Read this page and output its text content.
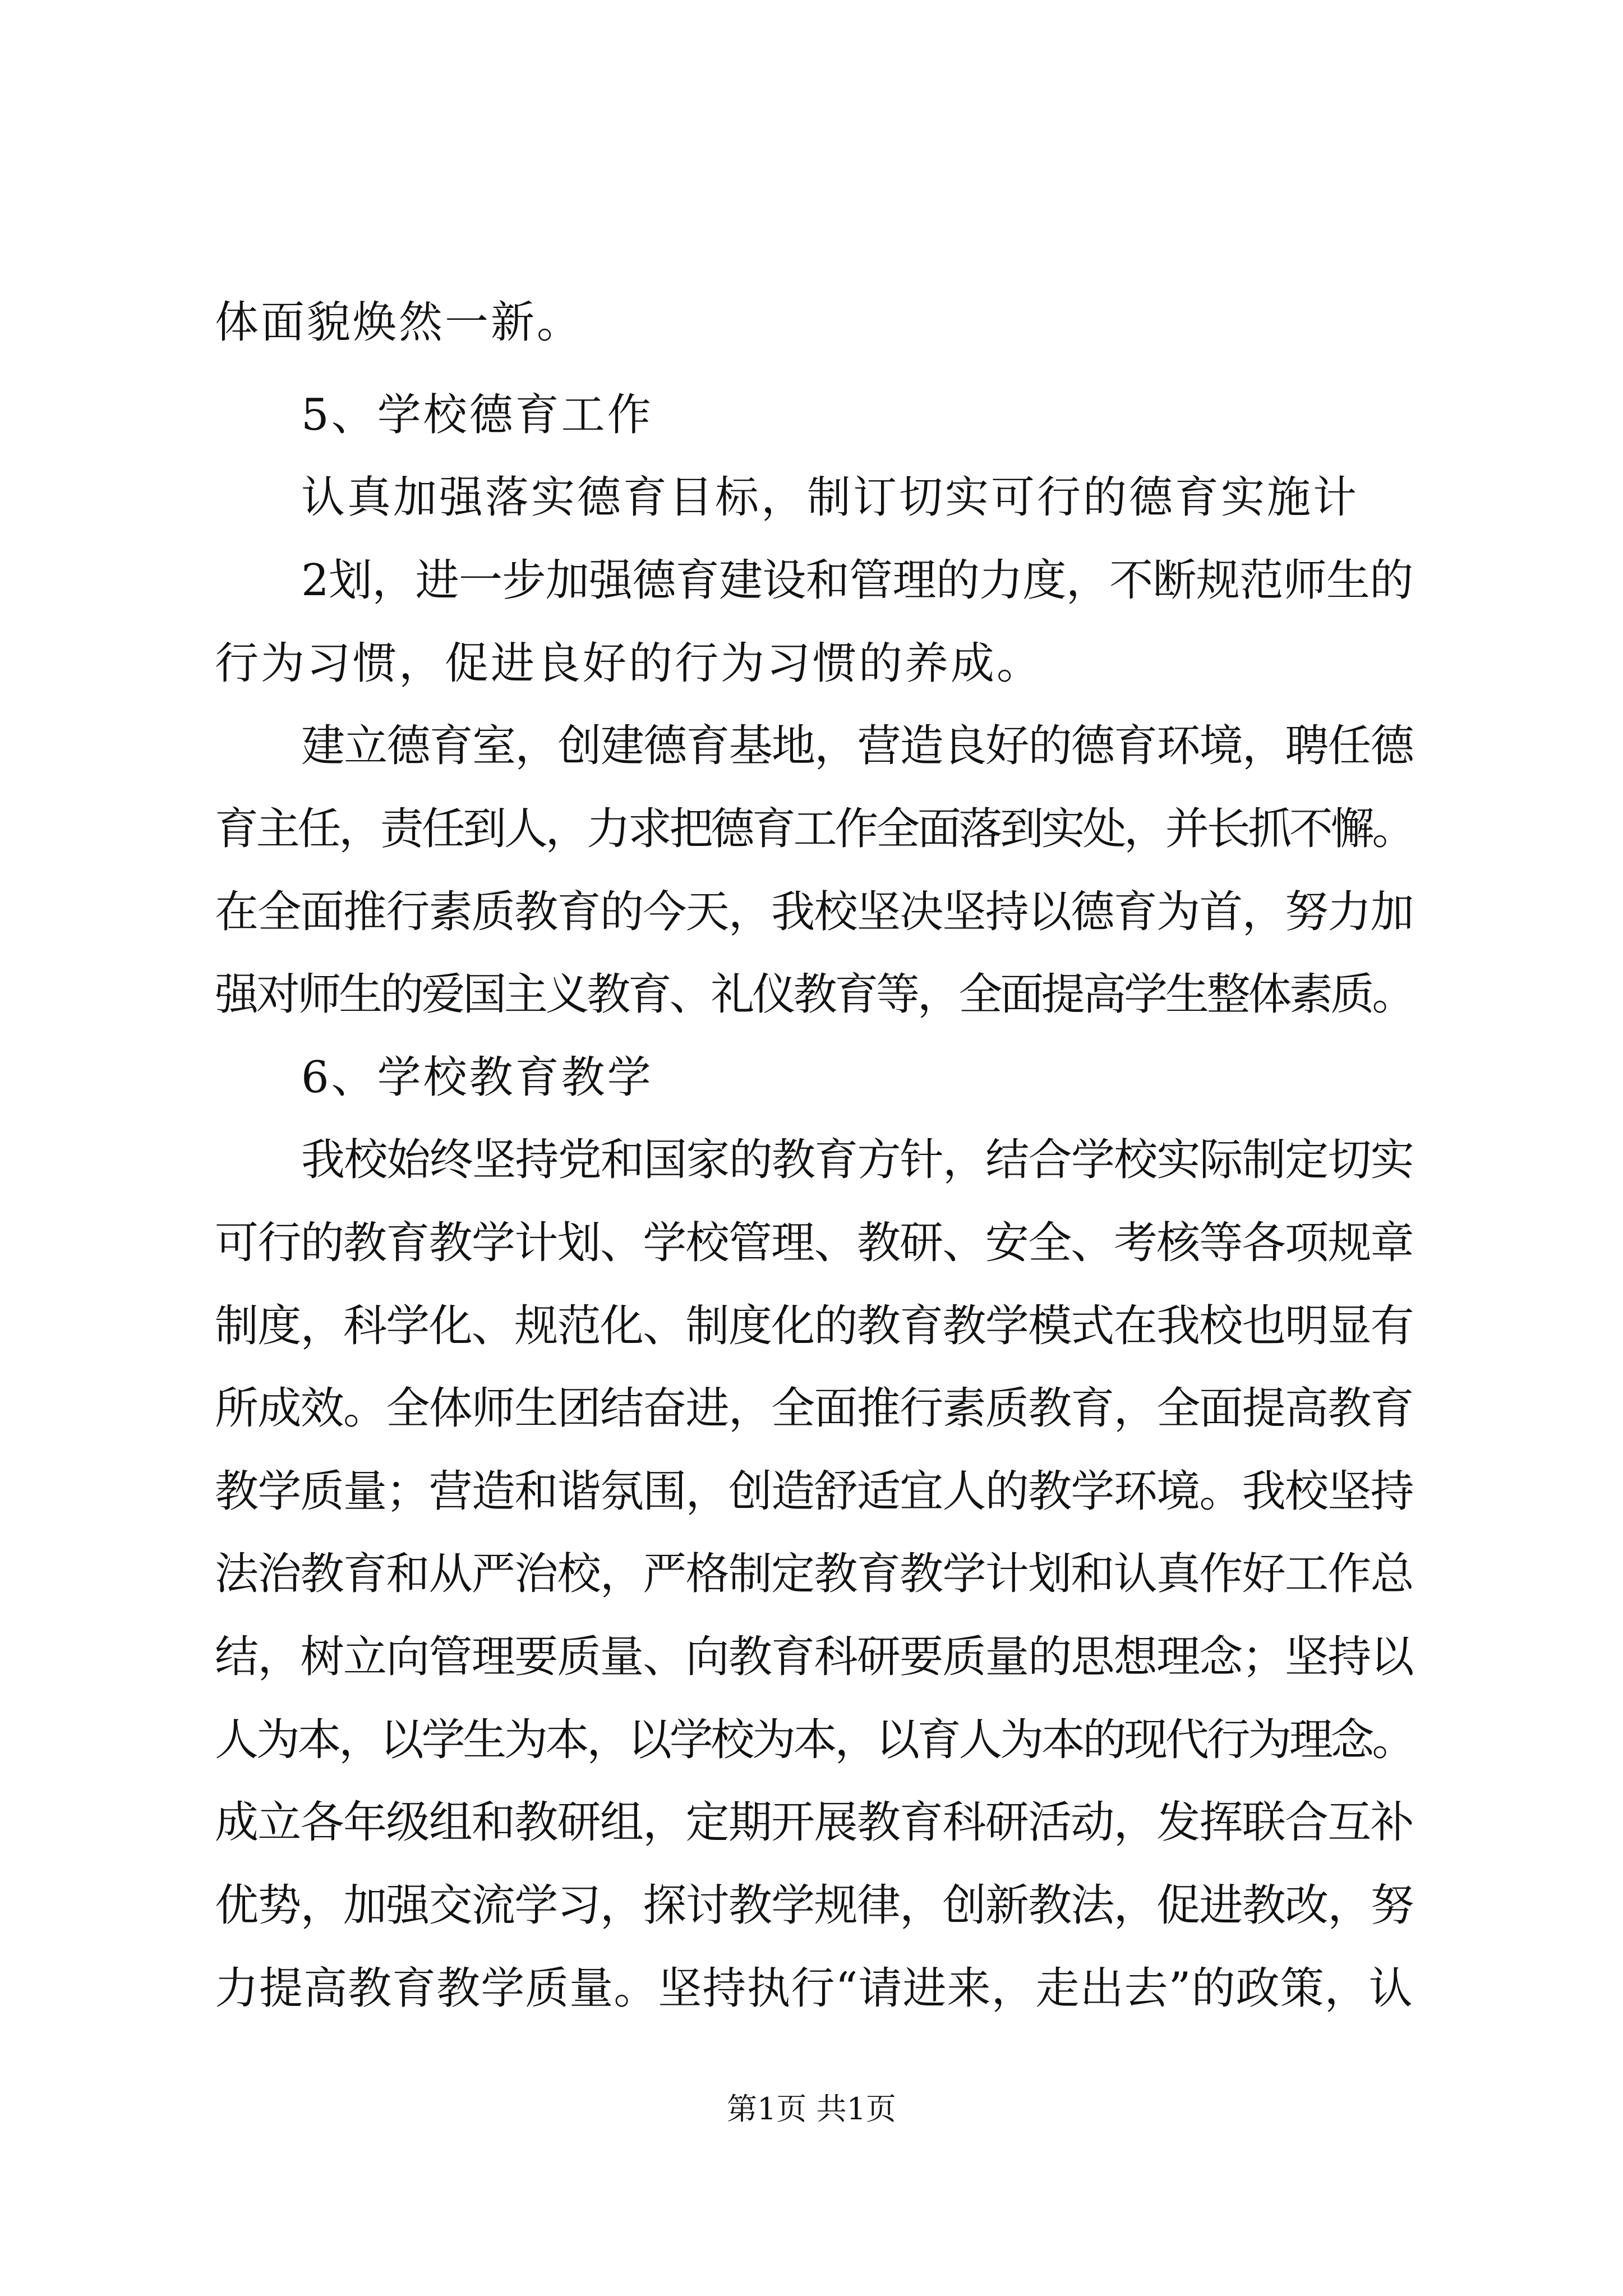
体面貌焕然一新。
5、学校德育工作
认真加强落实德育目标，制订切实可行的德育实施计
2划，进一步加强德育建设和管理的力度，不断规范师生的
行为习惯，促进良好的行为习惯的养成。
建立德育室，创建德育基地，营造良好的德育环境，聘任德
育主任，责任到人，力求把德育工作全面落到实处，并长抓不懈。
在全面推行素质教育的今天，我校坚决坚持以德育为首，努力加
强对师生的爱国主义教育、礼仪教育等，全面提高学生整体素质。
6、学校教育教学
我校始终坚持党和国家的教育方针，结合学校实际制定切实
可行的教育教学计划、学校管理、教研、安全、考核等各项规章
制度，科学化、规范化、制度化的教育教学模式在我校也明显有
所成效。全体师生团结奋进，全面推行素质教育，全面提高教育
教学质量；营造和谐氛围，创造舒适宜人的教学环境。我校坚持
法治教育和从严治校，严格制定教育教学计划和认真作好工作总
结，树立向管理要质量、向教育科研要质量的思想理念；坚持以
人为本，以学生为本，以学校为本，以育人为本的现代行为理念。
成立各年级组和教研组，定期开展教育科研活动，发挥联合互补
优势，加强交流学习，探讨教学规律，创新教法，促进教改，努
力提高教育教学质量。坚持执行“请进来，走出去”的政策，认
第1页 共1页
